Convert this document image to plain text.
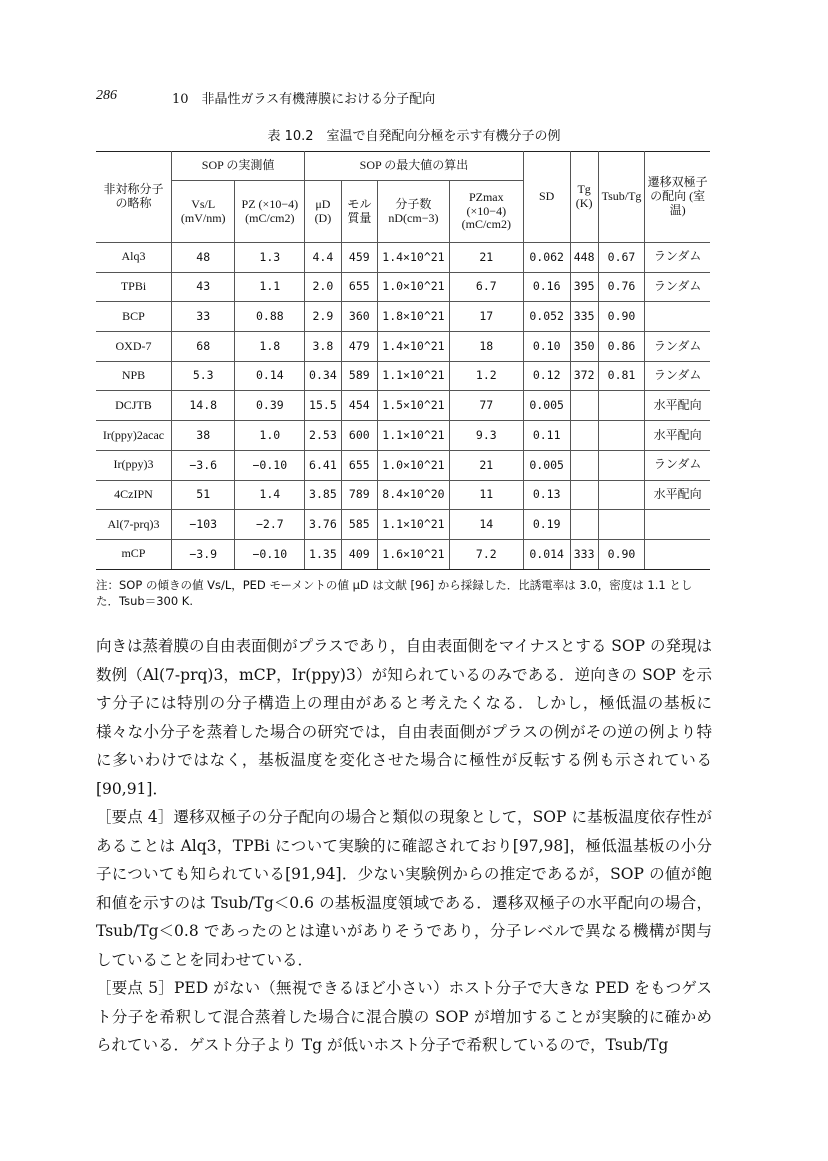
286	10　非晶性ガラス有機薄膜における分子配向
表 10.2　室温で自発配向分極を示す有機分子の例
非対称分子の略称	SOP の実測値		SOP の最大値の算出				SD	Tg (K)	Tsub/Tg	遷移双極子の配向 (室温)
	Vs/L (mV/nm)	PZ (×10−4) (mC/cm2)	μD (D)	モル質量	分子数 nD(cm−3)	PZmax (×10−4) (mC/cm2)				
Alq3	48	1.3	4.4	459	1.4×10^21	21	0.062	448	0.67	ランダム
TPBi	43	1.1	2.0	655	1.0×10^21	6.7	0.16	395	0.76	ランダム
BCP	33	0.88	2.9	360	1.8×10^21	17	0.052	335	0.90	
OXD-7	68	1.8	3.8	479	1.4×10^21	18	0.10	350	0.86	ランダム
NPB	5.3	0.14	0.34	589	1.1×10^21	1.2	0.12	372	0.81	ランダム
DCJTB	14.8	0.39	15.5	454	1.5×10^21	77	0.005			水平配向
Ir(ppy)2acac	38	1.0	2.53	600	1.1×10^21	9.3	0.11			水平配向
Ir(ppy)3	−3.6	−0.10	6.41	655	1.0×10^21	21	0.005			ランダム
4CzIPN	51	1.4	3.85	789	8.4×10^20	11	0.13			水平配向
Al(7-prq)3	−103	−2.7	3.76	585	1.1×10^21	14	0.19			
mCP	−3.9	−0.10	1.35	409	1.6×10^21	7.2	0.014	333	0.90	
注：SOP の傾きの値 Vs/L，PED モーメントの値 μD は文献 [96] から採録した．比誘電率は 3.0，密度は 1.1 とした．Tsub＝300 K.

向きは蒸着膜の自由表面側がプラスであり，自由表面側をマイナスとする SOP の発現は数例（Al(7-prq)3，mCP，Ir(ppy)3）が知られているのみである．逆向きの SOP を示す分子には特別の分子構造上の理由があると考えたくなる．しかし，極低温の基板に様々な小分子を蒸着した場合の研究では，自由表面側がプラスの例がその逆の例より特に多いわけではなく，基板温度を変化させた場合に極性が反転する例も示されている[90,91]．

［要点 4］遷移双極子の分子配向の場合と類似の現象として，SOP に基板温度依存性があることは Alq3，TPBi について実験的に確認されており[97,98]，極低温基板の小分子についても知られている[91,94]．少ない実験例からの推定であるが，SOP の値が飽和値を示すのは Tsub/Tg＜0.6 の基板温度領域である．遷移双極子の水平配向の場合，Tsub/Tg＜0.8 であったのとは違いがありそうであり，分子レベルで異なる機構が関与していることを同わせている．

［要点 5］PED がない（無視できるほど小さい）ホスト分子で大きな PED をもつゲスト分子を希釈して混合蒸着した場合に混合膜の SOP が増加することが実験的に確かめられている．ゲスト分子より Tg が低いホスト分子で希釈しているので，Tsub/Tg
